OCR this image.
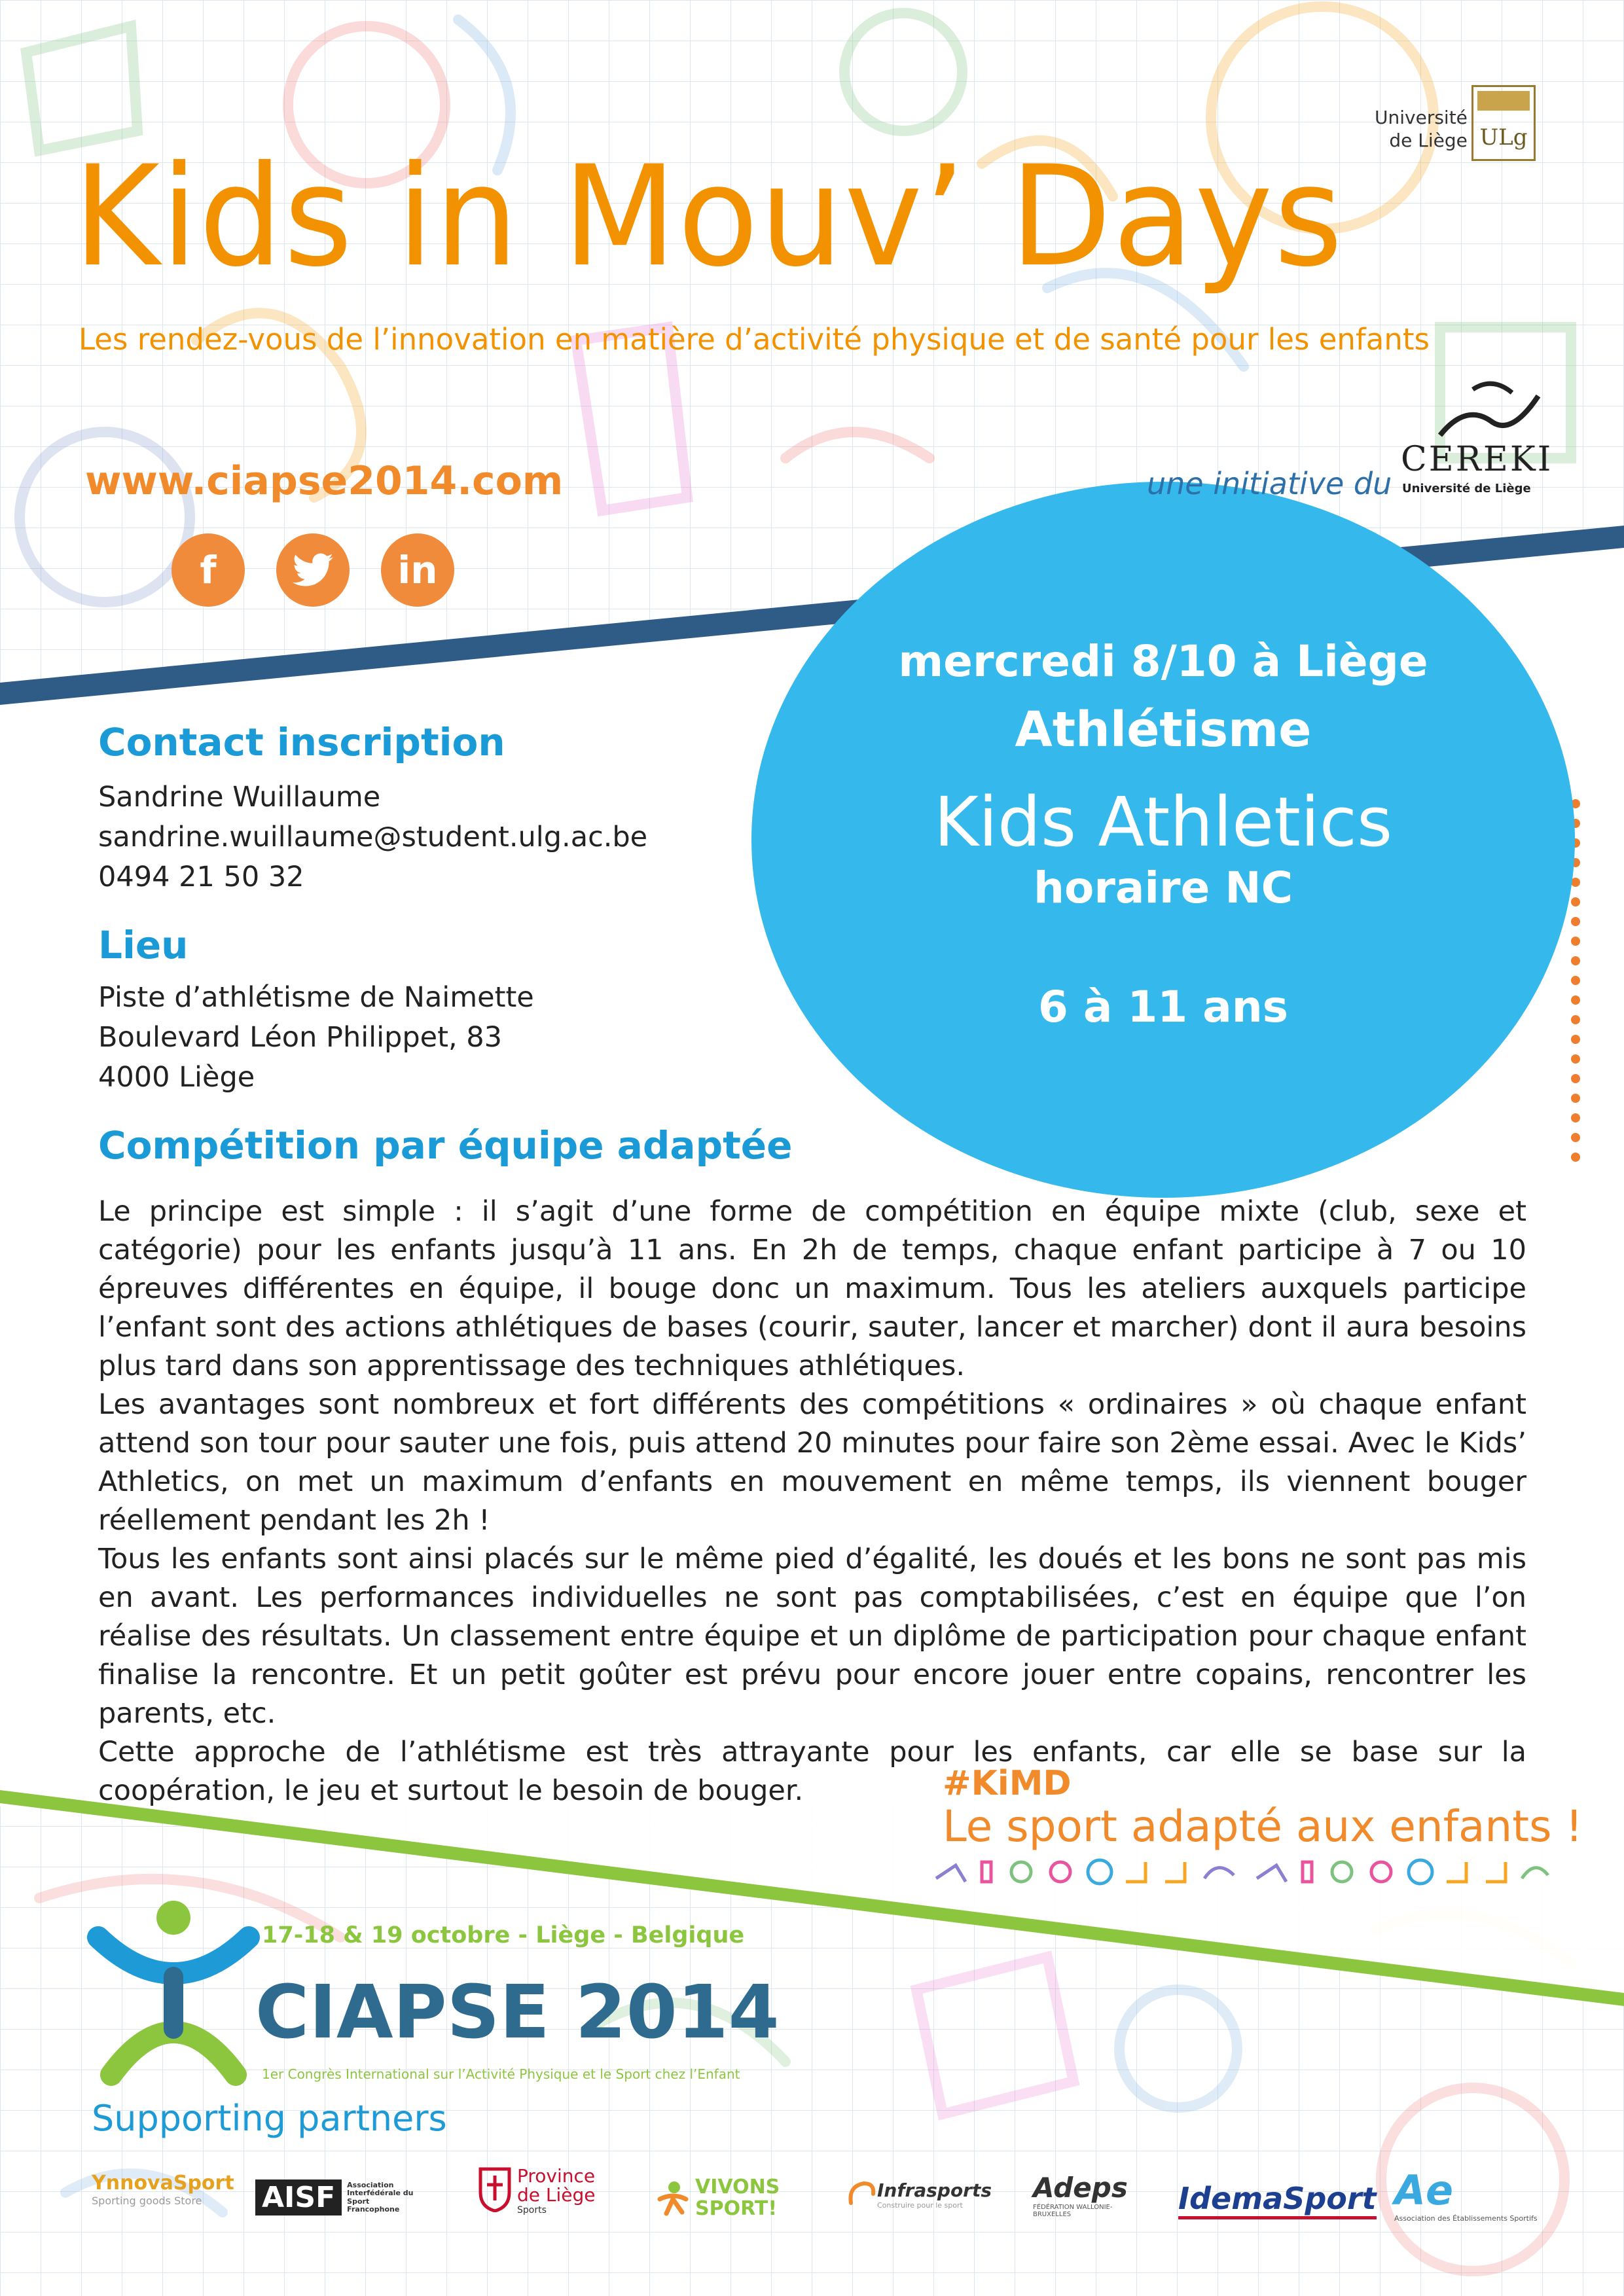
Kids in Mouv’ Days
Les rendez-vous de l’innovation en matière d’activité physique et de santé pour les enfants
Université
de Liège ULg
www.ciapse2014.com
f	in
une initiative du
CEREKI
Université de Liège
mercredi 8/10 à Liège
Athlétisme
Kids Athletics
horaire NC
6 à 11 ans
Contact inscription
Sandrine Wuillaume
sandrine.wuillaume@student.ulg.ac.be
0494 21 50 32
Lieu
Piste d’athlétisme de Naimette
Boulevard Léon Philippet, 83
4000 Liège
Compétition par équipe adaptée
Le principe est simple : il s’agit d’une forme de compétition en équipe mixte (club, sexe et catégorie) pour les enfants jusqu’à 11 ans. En 2h de temps, chaque enfant participe à 7 ou 10 épreuves différentes en équipe, il bouge donc un maximum. Tous les ateliers auxquels participe l’enfant sont des actions athlétiques de bases (courir, sauter, lancer et marcher) dont il aura besoins plus tard dans son apprentissage des techniques athlétiques.
Les avantages sont nombreux et fort différents des compétitions « ordinaires » où chaque enfant attend son tour pour sauter une fois, puis attend 20 minutes pour faire son 2ème essai. Avec le Kids’ Athletics, on met un maximum d’enfants en mouvement en même temps, ils viennent bouger réellement pendant les 2h !
Tous les enfants sont ainsi placés sur le même pied d’égalité, les doués et les bons ne sont pas mis en avant. Les performances individuelles ne sont pas comptabilisées, c’est en équipe que l’on réalise des résultats. Un classement entre équipe et un diplôme de participation pour chaque enfant finalise la rencontre. Et un petit goûter est prévu pour encore jouer entre copains, rencontrer les parents, etc.
Cette approche de l’athlétisme est très attrayante pour les enfants, car elle se base sur la coopération, le jeu et surtout le besoin de bouger.	#KiMD
Le sport adapté aux enfants !
17-18 & 19 octobre - Liège - Belgique
CIAPSE 2014
1er Congrès International sur l’Activité Physique et le Sport chez l’Enfant
Supporting partners
YnnovaSport
Sporting goods Store	AISF	Association Interfédérale du Sport Francophone
Province de Liège
Sports
VIVONS SPORT!
Infrasports
Construire pour le sport
Adeps
FÉDÉRATION WALLONIE-BRUXELLES	IdemaSport Ae
Association des Établissements Sportifs
